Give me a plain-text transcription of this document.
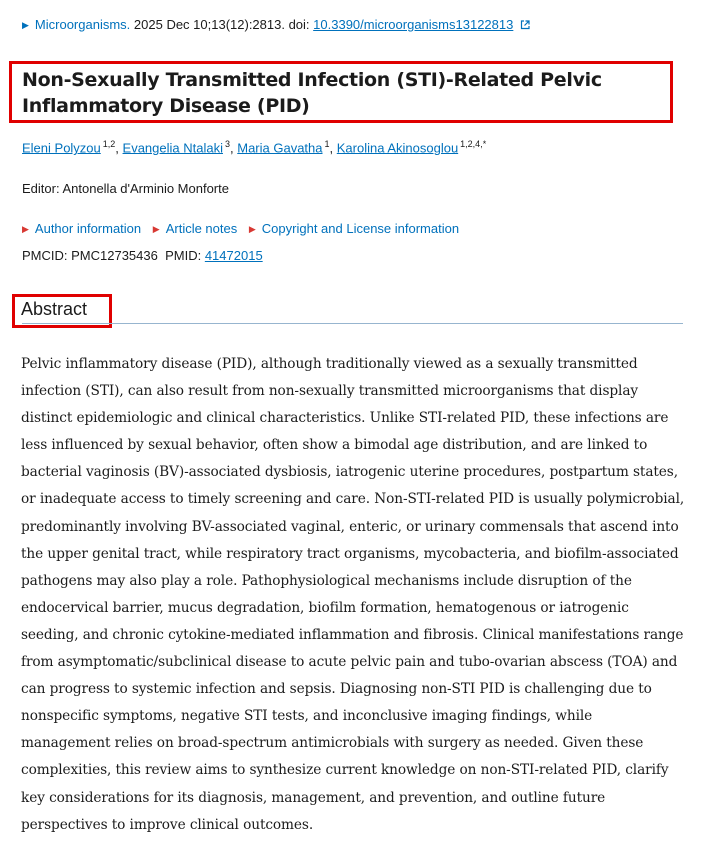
▶ Microorganisms. 2025 Dec 10;13(12):2813. doi: 10.3390/microorganisms13122813
Non-Sexually Transmitted Infection (STI)-Related Pelvic Inflammatory Disease (PID)
Eleni Polyzou $^{1,2}$, Evangelia Ntalaki $^3$, Maria Gavatha $^1$, Karolina Akinosoglou $^{1,2,4,*}$
Editor: Antonella d'Arminio Monforte
▶ Author information ▶ Article notes ▶ Copyright and License information
PMCID: PMC12735436 PMID: 41472015
Abstract

Pelvic inflammatory disease (PID), although traditionally viewed as a sexually transmitted infection (STI), can also result from non-sexually transmitted microorganisms that display distinct epidemiologic and clinical characteristics. Unlike STI-related PID, these infections are less influenced by sexual behavior, often show a bimodal age distribution, and are linked to bacterial vaginosis (BV)-associated dysbiosis, iatrogenic uterine procedures, postpartum states, or inadequate access to timely screening and care. Non-STI-related PID is usually polymicrobial, predominantly involving BV-associated vaginal, enteric, or urinary commensals that ascend into the upper genital tract, while respiratory tract organisms, mycobacteria, and biofilm-associated pathogens may also play a role. Pathophysiological mechanisms include disruption of the endocervical barrier, mucus degradation, biofilm formation, hematogenous or iatrogenic seeding, and chronic cytokine-mediated inflammation and fibrosis. Clinical manifestations range from asymptomatic/subclinical disease to acute pelvic pain and tubo-ovarian abscess (TOA) and can progress to systemic infection and sepsis. Diagnosing non-STI PID is challenging due to nonspecific symptoms, negative STI tests, and inconclusive imaging findings, while management relies on broad-spectrum antimicrobials with surgery as needed. Given these complexities, this review aims to synthesize current knowledge on non-STI-related PID, clarify key considerations for its diagnosis, management, and prevention, and outline future perspectives to improve clinical outcomes.
